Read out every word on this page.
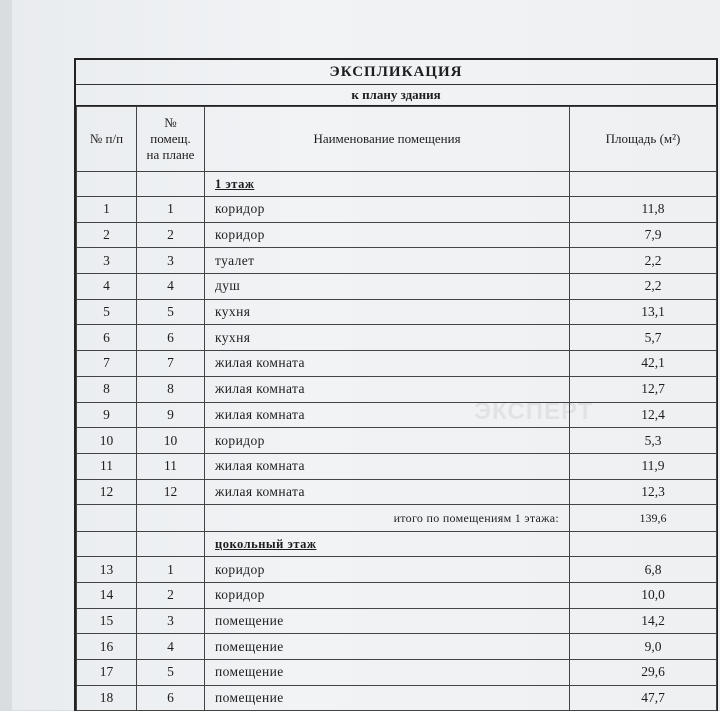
ЭКСПЛИКАЦИЯ
к плану здания
№ п/п	№
помещ.
на плане	Наименование помещения	Площадь (м²)
		1 этаж	
1	1	коридор	11,8
2	2	коридор	7,9
3	3	туалет	2,2
4	4	душ	2,2
5	5	кухня	13,1
6	6	кухня	5,7
7	7	жилая комната	42,1
8	8	жилая комната	12,7
9	9	жилая комната	12,4
10	10	коридор	5,3
11	11	жилая комната	11,9
12	12	жилая комната	12,3
		итого по помещениям 1 этажа:	139,6
		цокольный этаж	
13	1	коридор	6,8
14	2	коридор	10,0
15	3	помещение	14,2
16	4	помещение	9,0
17	5	помещение	29,6
18	6	помещение	47,7
ЭКСПЕРТ
